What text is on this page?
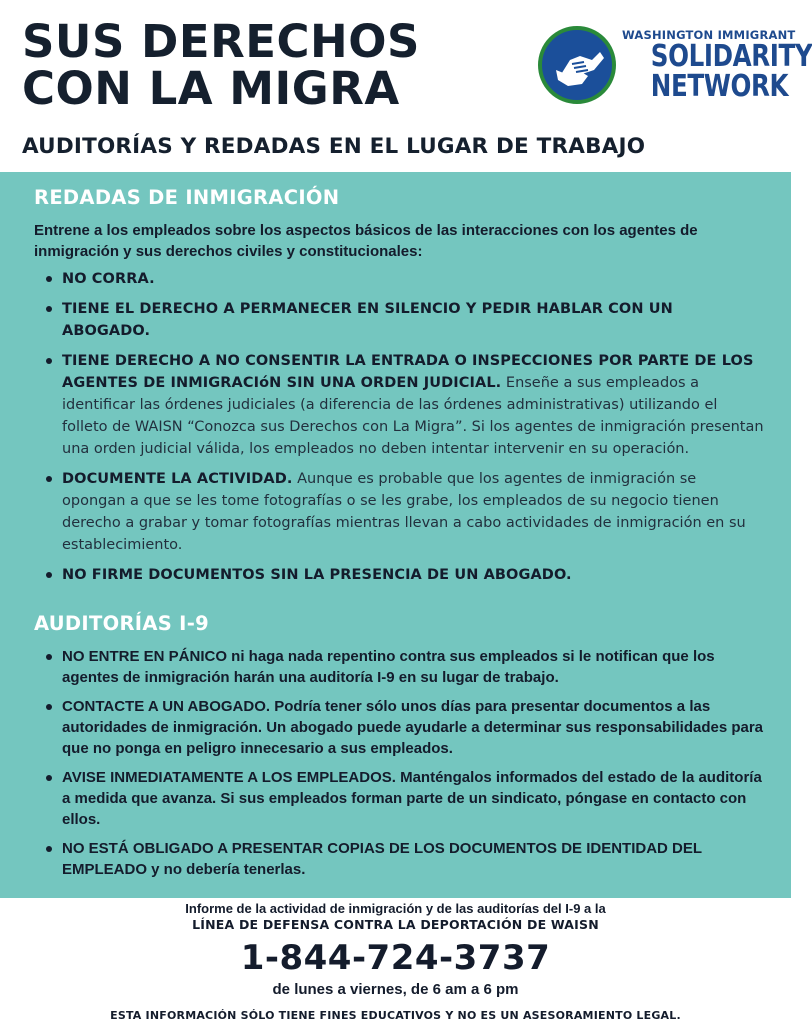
SUS DERECHOS
CON LA MIGRA
WASHINGTON IMMIGRANT
SOLIDARITY
NETWORK
AUDITORÍAS Y REDADAS EN EL LUGAR DE TRABAJO
REDADAS DE INMIGRACIÓN

Entrene a los empleados sobre los aspectos básicos de las interacciones con los agentes de inmigración y sus derechos civiles y constitucionales:

NO CORRA.
TIENE EL DERECHO A PERMANECER EN SILENCIO Y PEDIR HABLAR CON UN ABOGADO.
TIENE DERECHO A NO CONSENTIR LA ENTRADA O INSPECCIONES POR PARTE DE LOS AGENTES DE INMIGRACIóN SIN UNA ORDEN JUDICIAL. Enseñe a sus empleados a identificar las órdenes judiciales (a diferencia de las órdenes administrativas) utilizando el folleto de WAISN “Conozca sus Derechos con La Migra”. Si los agentes de inmigración presentan una orden judicial válida, los empleados no deben intentar intervenir en su operación.
DOCUMENTE LA ACTIVIDAD. Aunque es probable que los agentes de inmigración se opongan a que se les tome fotografías o se les grabe, los empleados de su negocio tienen derecho a grabar y tomar fotografías mientras llevan a cabo actividades de inmigración en su establecimiento.
NO FIRME DOCUMENTOS SIN LA PRESENCIA DE UN ABOGADO.
AUDITORÍAS I-9
NO ENTRE EN PÁNICO ni haga nada repentino contra sus empleados si le notifican que los agentes de inmigración harán una auditoría I-9 en su lugar de trabajo.
CONTACTE A UN ABOGADO. Podría tener sólo unos días para presentar documentos a las autoridades de inmigración. Un abogado puede ayudarle a determinar sus responsabilidades para que no ponga en peligro innecesario a sus empleados.
AVISE INMEDIATAMENTE A LOS EMPLEADOS. Manténgalos informados del estado de la auditoría a medida que avanza. Si sus empleados forman parte de un sindicato, póngase en contacto con ellos.
NO ESTÁ OBLIGADO A PRESENTAR COPIAS DE LOS DOCUMENTOS DE IDENTIDAD DEL EMPLEADO y no debería tenerlas.
Informe de la actividad de inmigración y de las auditorías del I-9 a la
LÍNEA DE DEFENSA CONTRA LA DEPORTACIÓN DE WAISN
1-844-724-3737
de lunes a viernes, de 6 am a 6 pm
ESTA INFORMACIÓN SÓLO TIENE FINES EDUCATIVOS Y NO ES UN ASESORAMIENTO LEGAL.
